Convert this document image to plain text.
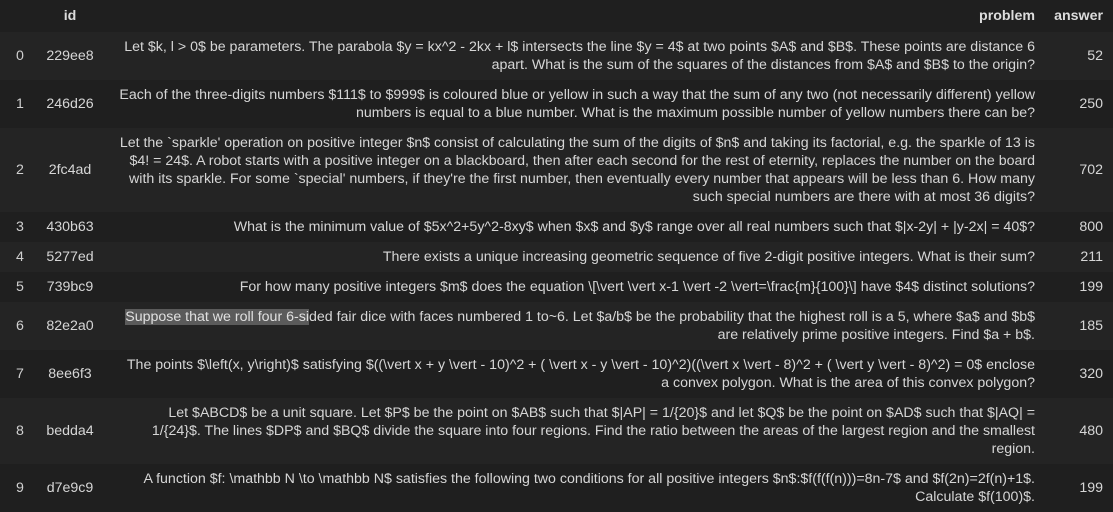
	id	problem	answer
0	229ee8	Let $k, l > 0$ be parameters. The parabola $y = kx^2 - 2kx + l$ intersects the line $y = 4$ at two points $A$ and $B$. These points are distance 6 apart. What is the sum of the squares of the distances from $A$ and $B$ to the origin?	52
1	246d26	Each of the three-digits numbers $111$ to $999$ is coloured blue or yellow in such a way that the sum of any two (not necessarily different) yellow numbers is equal to a blue number. What is the maximum possible number of yellow numbers there can be?	250
2	2fc4ad	Let the `sparkle' operation on positive integer $n$ consist of calculating the sum of the digits of $n$ and taking its factorial, e.g. the sparkle of 13 is $4! = 24$. A robot starts with a positive integer on a blackboard, then after each second for the rest of eternity, replaces the number on the board with its sparkle. For some `special' numbers, if they're the first number, then eventually every number that appears will be less than 6. How many such special numbers are there with at most 36 digits?	702
3	430b63	What is the minimum value of $5x^2+5y^2-8xy$ when $x$ and $y$ range over all real numbers such that $|x-2y| + |y-2x| = 40$?	800
4	5277ed	There exists a unique increasing geometric sequence of five 2-digit positive integers. What is their sum?	211
5	739bc9	For how many positive integers $m$ does the equation \[\vert \vert x-1 \vert -2 \vert=\frac{m}{100}\] have $4$ distinct solutions?	199
6	82e2a0	Suppose that we roll four 6-sided fair dice with faces numbered 1 to~6. Let $a/b$ be the probability that the highest roll is a 5, where $a$ and $b$ are relatively prime positive integers. Find $a + b$.	185
7	8ee6f3	The points $\left(x, y\right)$ satisfying $((\vert x + y \vert - 10)^2 + ( \vert x - y \vert - 10)^2)((\vert x \vert - 8)^2 + ( \vert y \vert - 8)^2) = 0$ enclose a convex polygon. What is the area of this convex polygon?	320
8	bedda4	Let $ABCD$ be a unit square. Let $P$ be the point on $AB$ such that $|AP| = 1/{20}$ and let $Q$ be the point on $AD$ such that $|AQ| = 1/{24}$. The lines $DP$ and $BQ$ divide the square into four regions. Find the ratio between the areas of the largest region and the smallest region.	480
9	d7e9c9	A function $f: \mathbb N \to \mathbb N$ satisfies the following two conditions for all positive integers $n$:$f(f(f(n)))=8n-7$ and $f(2n)=2f(n)+1$. Calculate $f(100)$.	199
